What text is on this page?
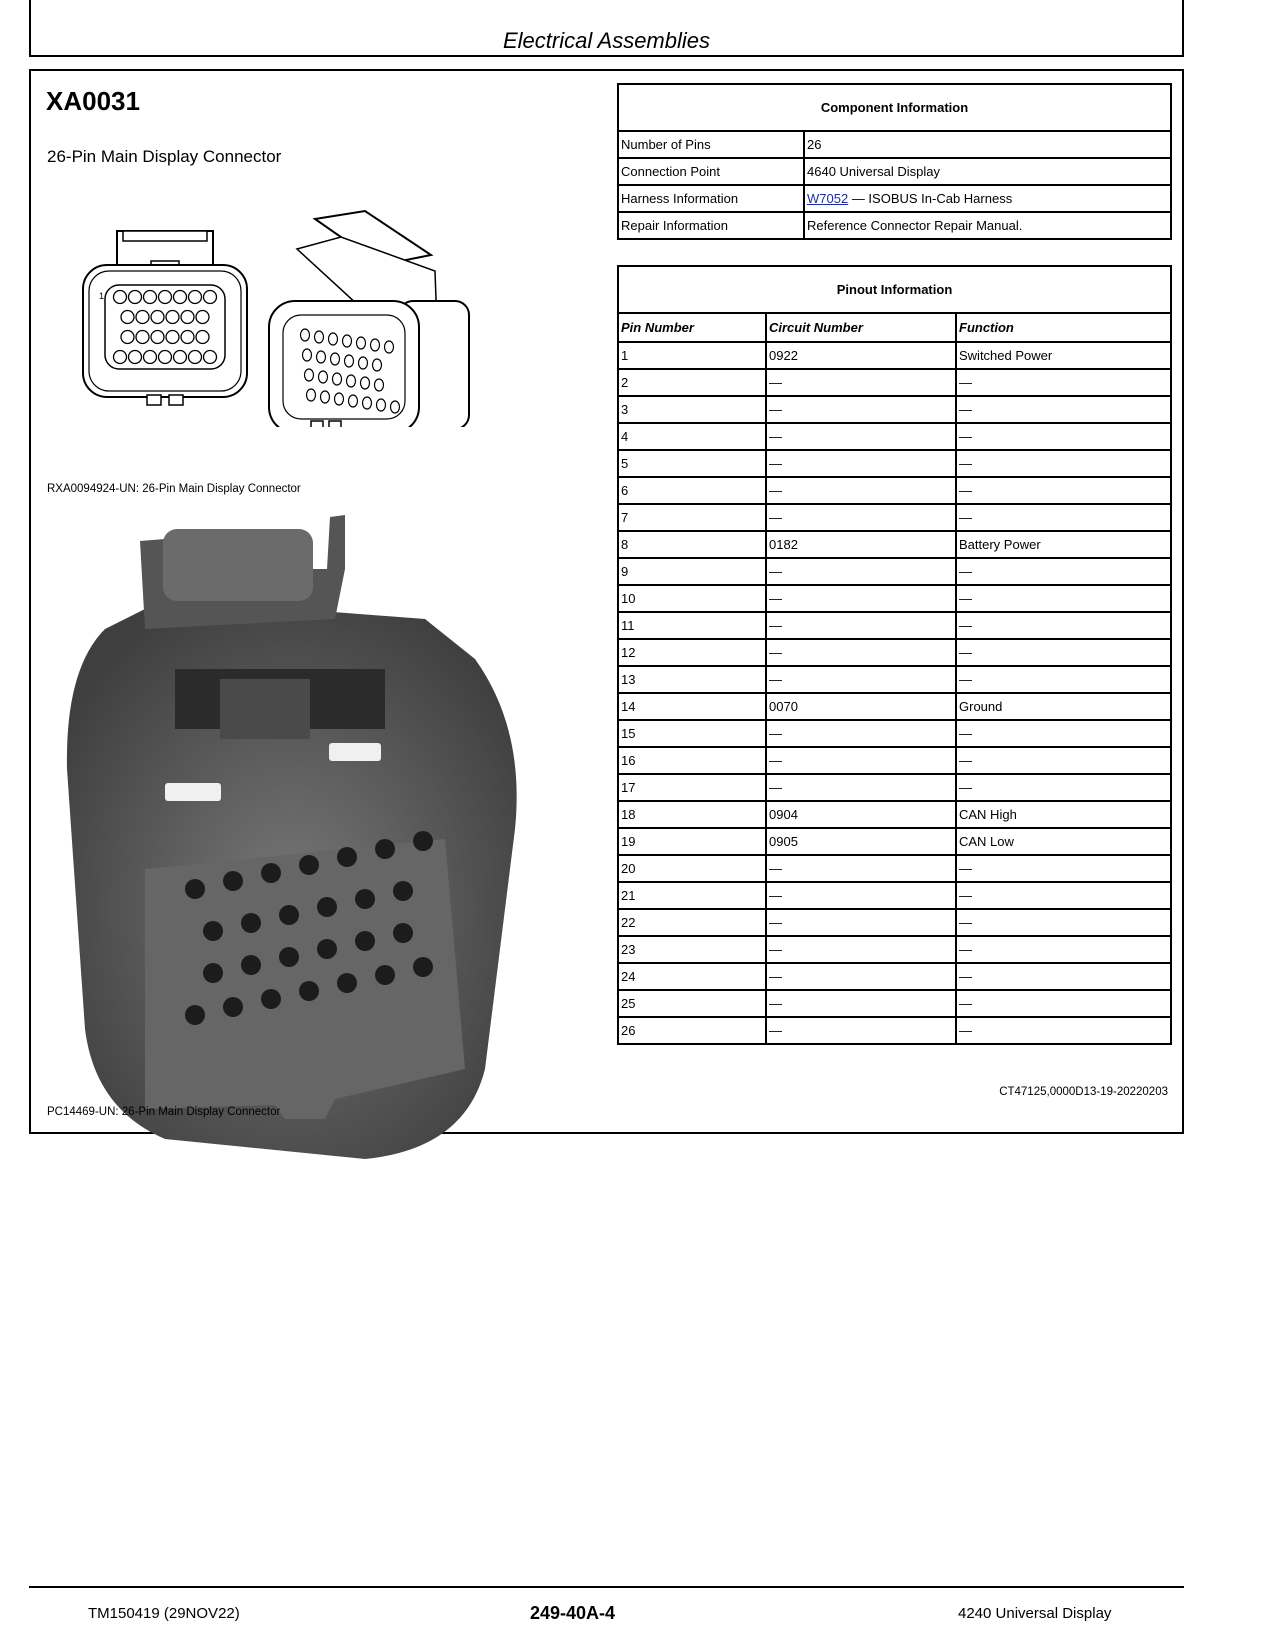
Electrical Assemblies
XA0031
26-Pin Main Display Connector
1
RXA0094924-UN: 26-Pin Main Display Connector
PC14469-UN: 26-Pin Main Display Connector
Component Information	
Number of Pins	26
Connection Point	4640 Universal Display
Harness Information	W7052 — ISOBUS In-Cab Harness
Repair Information	Reference Connector Repair Manual.
Pinout Information		
Pin Number	Circuit Number	Function
1	0922	Switched Power
2	—	—
3	—	—
4	—	—
5	—	—
6	—	—
7	—	—
8	0182	Battery Power
9	—	—
10	—	—
11	—	—
12	—	—
13	—	—
14	0070	Ground
15	—	—
16	—	—
17	—	—
18	0904	CAN High
19	0905	CAN Low
20	—	—
21	—	—
22	—	—
23	—	—
24	—	—
25	—	—
26	—	—
CT47125,0000D13-19-20220203
TM150419 (29NOV22)	249-40A-4	4240 Universal Display
